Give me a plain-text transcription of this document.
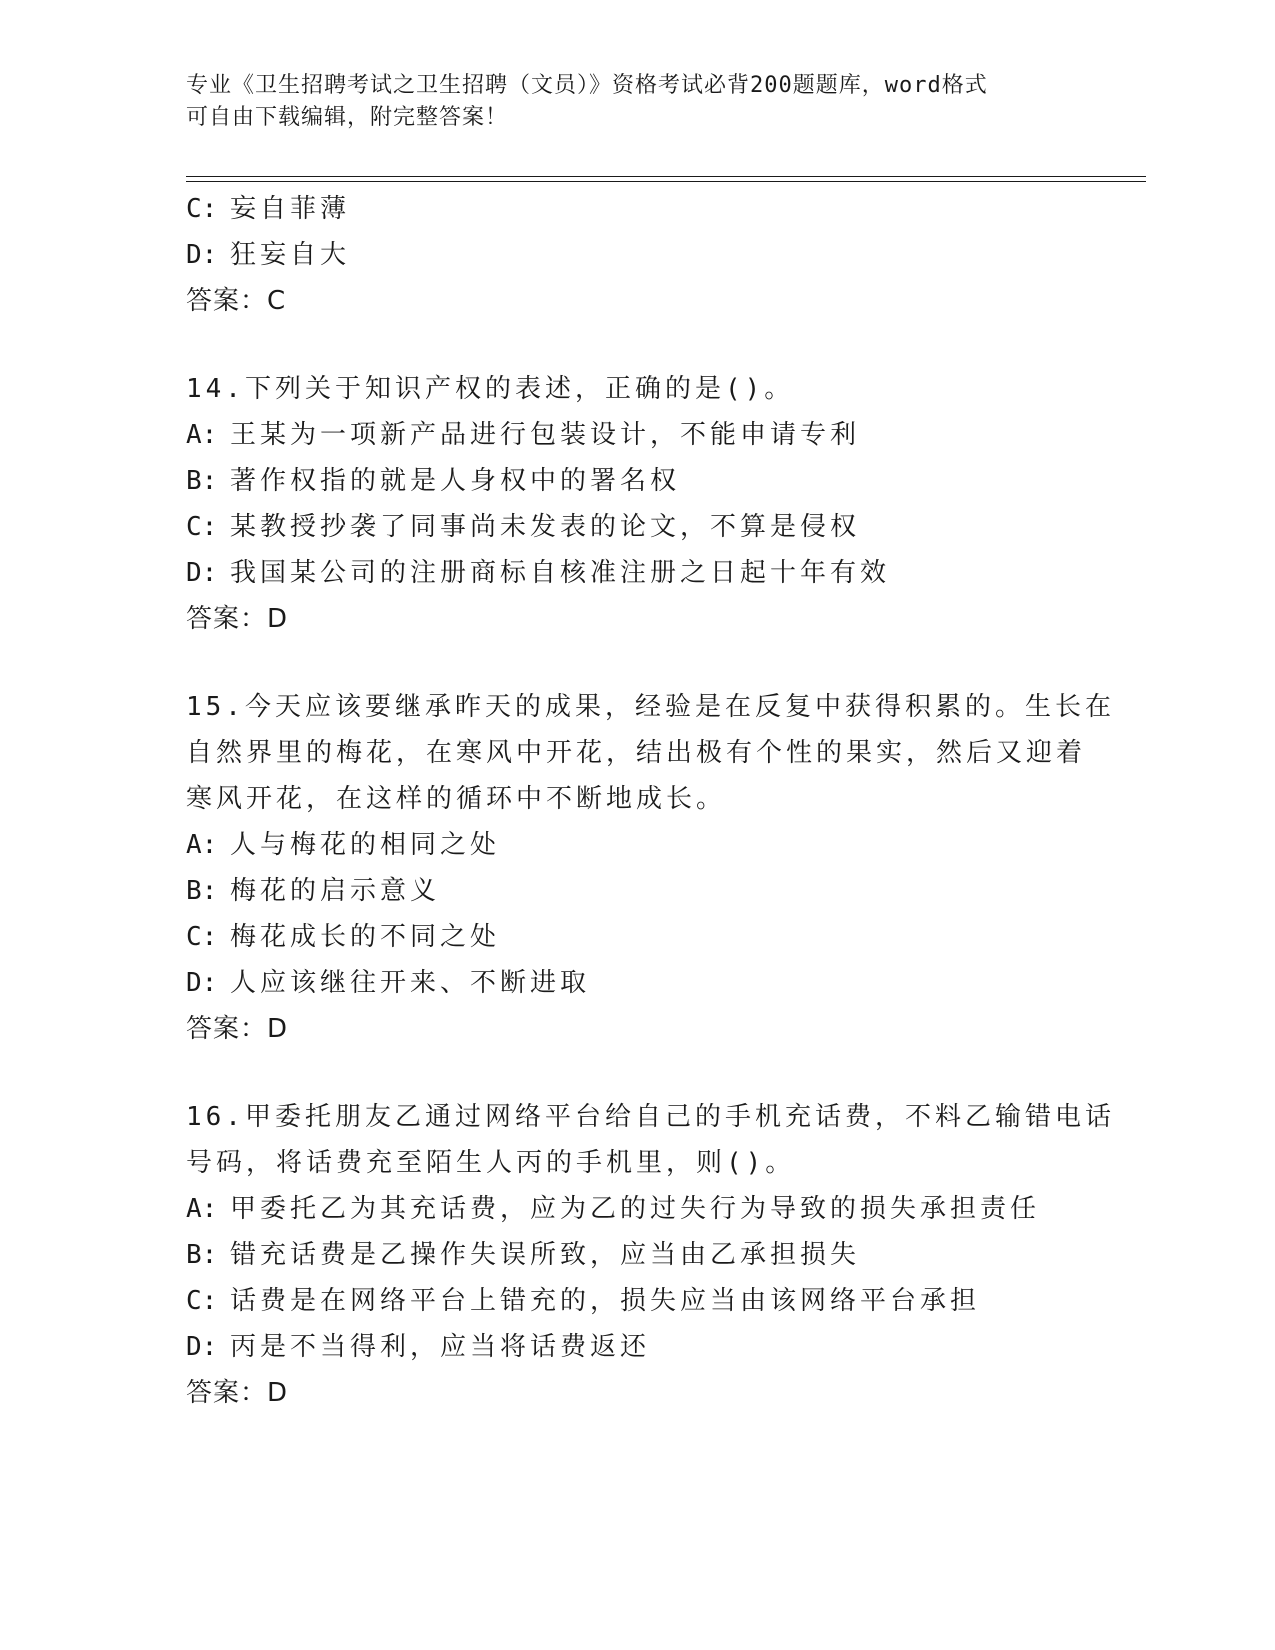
专业《卫生招聘考试之卫生招聘（文员）》资格考试必背200题题库，word格式
可自由下载编辑，附完整答案！
C: 妄自菲薄
D: 狂妄自大
答案：C
14.下列关于知识产权的表述，正确的是()。
A: 王某为一项新产品进行包装设计，不能申请专利
B: 著作权指的就是人身权中的署名权
C: 某教授抄袭了同事尚未发表的论文，不算是侵权
D: 我国某公司的注册商标自核准注册之日起十年有效
答案：D
15.今天应该要继承昨天的成果，经验是在反复中获得积累的。生长在
自然界里的梅花，在寒风中开花，结出极有个性的果实，然后又迎着
寒风开花，在这样的循环中不断地成长。
A: 人与梅花的相同之处
B: 梅花的启示意义
C: 梅花成长的不同之处
D: 人应该继往开来、不断进取
答案：D
16.甲委托朋友乙通过网络平台给自己的手机充话费，不料乙输错电话
号码，将话费充至陌生人丙的手机里，则()。
A: 甲委托乙为其充话费，应为乙的过失行为导致的损失承担责任
B: 错充话费是乙操作失误所致，应当由乙承担损失
C: 话费是在网络平台上错充的，损失应当由该网络平台承担
D: 丙是不当得利，应当将话费返还
答案：D
